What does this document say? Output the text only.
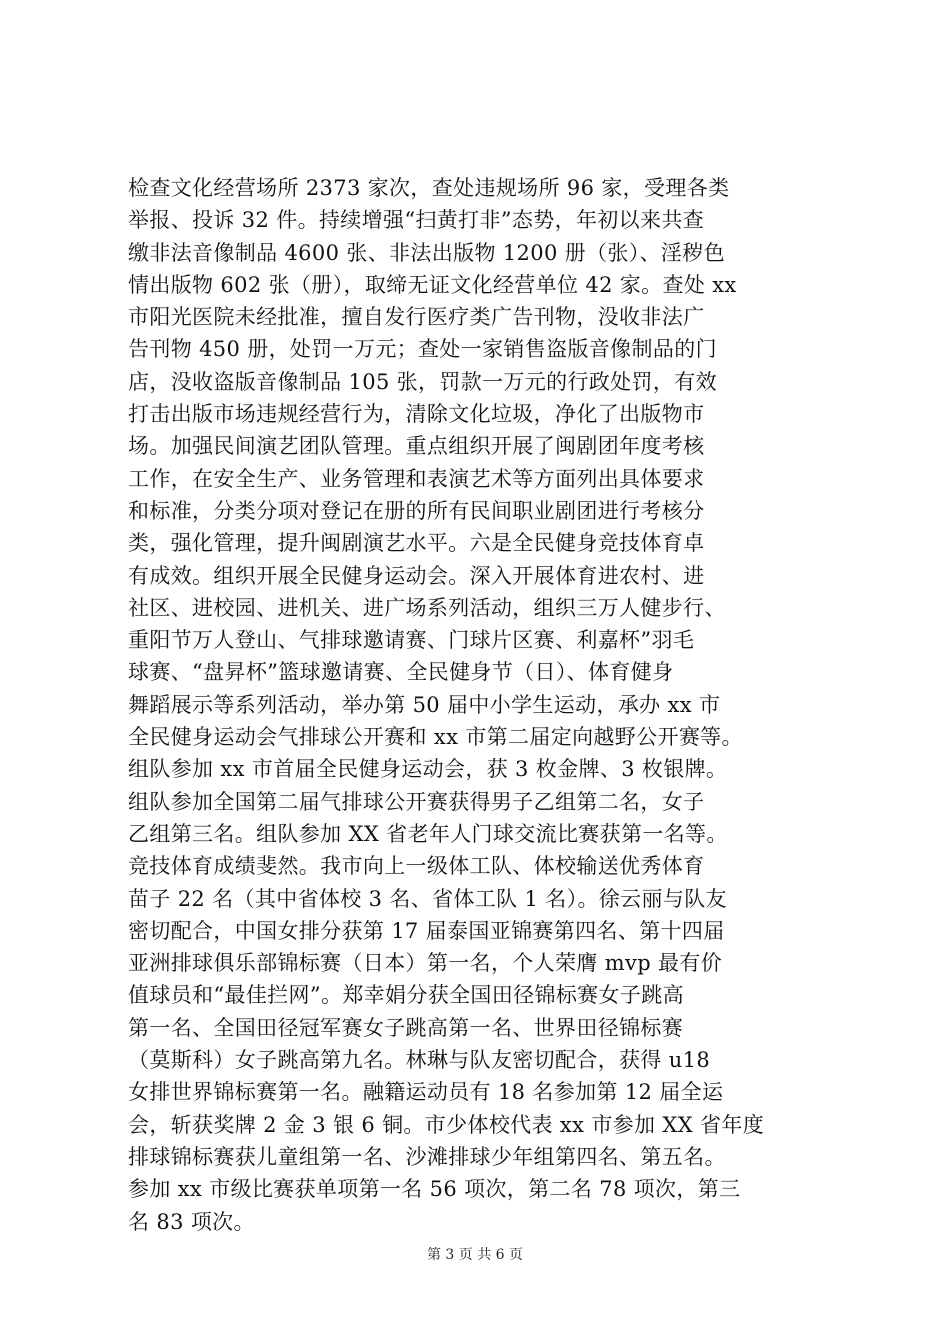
检查文化经营场所 2373 家次，查处违规场所 96 家，受理各类
举报、投诉 32 件。持续增强“扫黄打非”态势，年初以来共查
缴非法音像制品 4600 张、非法出版物 1200 册（张）、淫秽色
情出版物 602 张（册），取缔无证文化经营单位 42 家。查处 xx
市阳光医院未经批准，擅自发行医疗类广告刊物，没收非法广
告刊物 450 册，处罚一万元；查处一家销售盗版音像制品的门
店，没收盗版音像制品 105 张，罚款一万元的行政处罚，有效
打击出版市场违规经营行为，清除文化垃圾，净化了出版物市
场。加强民间演艺团队管理。重点组织开展了闽剧团年度考核
工作，在安全生产、业务管理和表演艺术等方面列出具体要求
和标准，分类分项对登记在册的所有民间职业剧团进行考核分
类，强化管理，提升闽剧演艺水平。六是全民健身竞技体育卓
有成效。组织开展全民健身运动会。深入开展体育进农村、进
社区、进校园、进机关、进广场系列活动，组织三万人健步行、
重阳节万人登山、气排球邀请赛、门球片区赛、利嘉杯”羽毛
球赛、“盘昇杯”篮球邀请赛、全民健身节（日）、体育健身
舞蹈展示等系列活动，举办第 50 届中小学生运动，承办 xx 市
全民健身运动会气排球公开赛和 xx 市第二届定向越野公开赛等。
组队参加 xx 市首届全民健身运动会，获 3 枚金牌、3 枚银牌。
组队参加全国第二届气排球公开赛获得男子乙组第二名，女子
乙组第三名。组队参加 XX 省老年人门球交流比赛获第一名等。
竞技体育成绩斐然。我市向上一级体工队、体校输送优秀体育
苗子 22 名（其中省体校 3 名、省体工队 1 名）。徐云丽与队友
密切配合，中国女排分获第 17 届泰国亚锦赛第四名、第十四届
亚洲排球俱乐部锦标赛（日本）第一名，个人荣膺 mvp 最有价
值球员和“最佳拦网”。郑幸娟分获全国田径锦标赛女子跳高
第一名、全国田径冠军赛女子跳高第一名、世界田径锦标赛
（莫斯科）女子跳高第九名。林琳与队友密切配合，获得 u18
女排世界锦标赛第一名。融籍运动员有 18 名参加第 12 届全运
会，斩获奖牌 2 金 3 银 6 铜。市少体校代表 xx 市参加 XX 省年度
排球锦标赛获儿童组第一名、沙滩排球少年组第四名、第五名。
参加 xx 市级比赛获单项第一名 56 项次，第二名 78 项次，第三
名 83 项次。
第 3 页 共 6 页
